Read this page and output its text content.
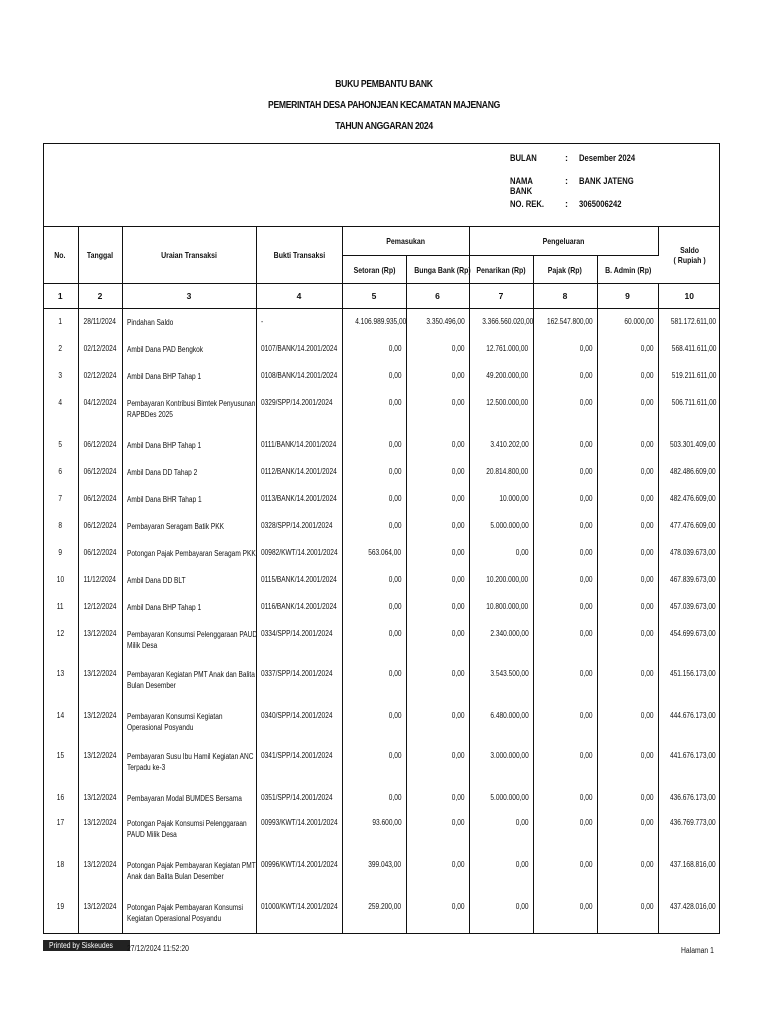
BUKU PEMBANTU BANK
PEMERINTAH DESA PAHONJEAN KECAMATAN MAJENANG
TAHUN ANGGARAN 2024
BULAN	:	Desember 2024
NAMA BANK
:	BANK JATENG
NO. REK.	:	3065006242
No.	Tanggal	Uraian Transaksi	Bukti Transaksi	Pemasukan		Pengeluaran			Saldo
( Rupiah )
				Setoran (Rp)	Bunga Bank (Rp)	Penarikan (Rp)	Pajak (Rp)	B. Admin (Rp)	
1	2	3	4	5	6	7	8	9	10
1	28/11/2024	Pindahan Saldo	-	4.106.989.935,00	3.350.496,00	3.366.560.020,00	162.547.800,00	60.000,00	581.172.611,00
2	02/12/2024	Ambil Dana PAD Bengkok	0107/BANK/14.2001/2024	0,00	0,00	12.761.000,00	0,00	0,00	568.411.611,00
3	02/12/2024	Ambil Dana BHP Tahap 1	0108/BANK/14.2001/2024	0,00	0,00	49.200.000,00	0,00	0,00	519.211.611,00
4	04/12/2024	Pembayaran Kontribusi Bimtek Penyusunan RAPBDes 2025	0329/SPP/14.2001/2024	0,00	0,00	12.500.000,00	0,00	0,00	506.711.611,00
5	06/12/2024	Ambil Dana BHP Tahap 1	0111/BANK/14.2001/2024	0,00	0,00	3.410.202,00	0,00	0,00	503.301.409,00
6	06/12/2024	Ambil Dana DD Tahap 2	0112/BANK/14.2001/2024	0,00	0,00	20.814.800,00	0,00	0,00	482.486.609,00
7	06/12/2024	Ambil Dana BHR Tahap 1	0113/BANK/14.2001/2024	0,00	0,00	10.000,00	0,00	0,00	482.476.609,00
8	06/12/2024	Pembayaran Seragam Batik PKK	0328/SPP/14.2001/2024	0,00	0,00	5.000.000,00	0,00	0,00	477.476.609,00
9	06/12/2024	Potongan Pajak Pembayaran Seragam PKK	00982/KWT/14.2001/2024	563.064,00	0,00	0,00	0,00	0,00	478.039.673,00
10	11/12/2024	Ambil Dana DD BLT	0115/BANK/14.2001/2024	0,00	0,00	10.200.000,00	0,00	0,00	467.839.673,00
11	12/12/2024	Ambil Dana BHP Tahap 1	0116/BANK/14.2001/2024	0,00	0,00	10.800.000,00	0,00	0,00	457.039.673,00
12	13/12/2024	Pembayaran Konsumsi Pelenggaraan PAUD Milik Desa	0334/SPP/14.2001/2024	0,00	0,00	2.340.000,00	0,00	0,00	454.699.673,00
13	13/12/2024	Pembayaran Kegiatan PMT Anak dan Balita Bulan Desember	0337/SPP/14.2001/2024	0,00	0,00	3.543.500,00	0,00	0,00	451.156.173,00
14	13/12/2024	Pembayaran Konsumsi Kegiatan Operasional Posyandu	0340/SPP/14.2001/2024	0,00	0,00	6.480.000,00	0,00	0,00	444.676.173,00
15	13/12/2024	Pembayaran Susu Ibu Hamil Kegiatan ANC Terpadu ke-3	0341/SPP/14.2001/2024	0,00	0,00	3.000.000,00	0,00	0,00	441.676.173,00
16	13/12/2024	Pembayaran Modal BUMDES Bersama	0351/SPP/14.2001/2024	0,00	0,00	5.000.000,00	0,00	0,00	436.676.173,00
17	13/12/2024	Potongan Pajak Konsumsi Pelenggaraan PAUD Milik Desa	00993/KWT/14.2001/2024	93.600,00	0,00	0,00	0,00	0,00	436.769.773,00
18	13/12/2024	Potongan Pajak Pembayaran Kegiatan PMT Anak dan Balita Bulan Desember	00996/KWT/14.2001/2024	399.043,00	0,00	0,00	0,00	0,00	437.168.816,00
19	13/12/2024	Potongan Pajak Pembayaran Konsumsi Kegiatan Operasional Posyandu	01000/KWT/14.2001/2024	259.200,00	0,00	0,00	0,00	0,00	437.428.016,00
Printed by Siskeudes	27/12/2024 11:52:20	Halaman 1
